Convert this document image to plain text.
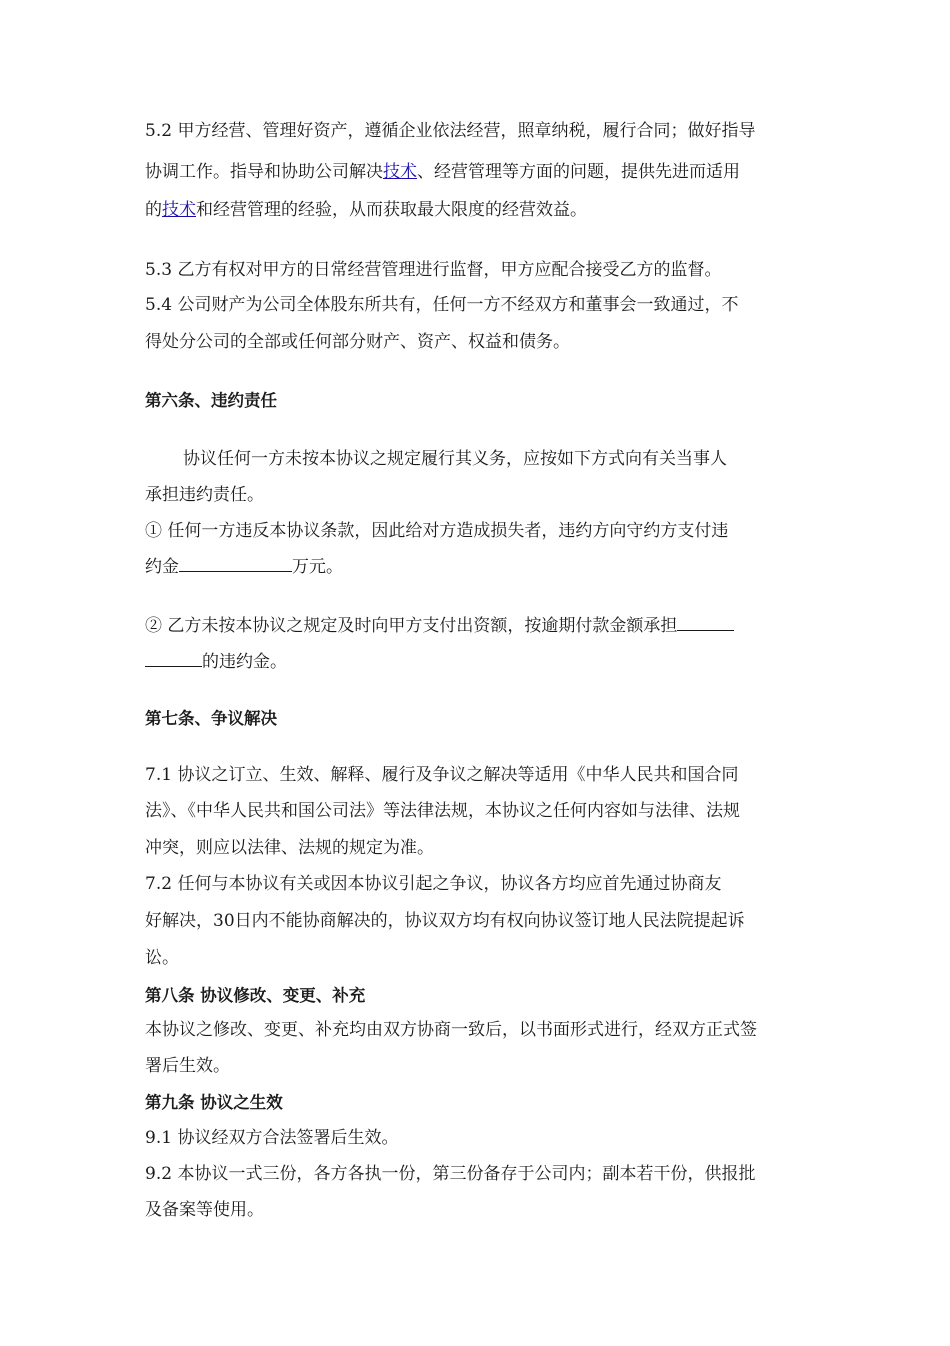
5.2 甲方经营、管理好资产，遵循企业依法经营，照章纳税，履行合同；做好指导

协调工作。指导和协助公司解决技术、经营管理等方面的问题，提供先进而适用

的技术和经营管理的经验，从而获取最大限度的经营效益。

5.3 乙方有权对甲方的日常经营管理进行监督，甲方应配合接受乙方的监督。

5.4 公司财产为公司全体股东所共有，任何一方不经双方和董事会一致通过，不

得处分公司的全部或任何部分财产、资产、权益和债务。

第六条、违约责任

协议任何一方未按本协议之规定履行其义务，应按如下方式向有关当事人

承担违约责任。

① 任何一方违反本协议条款，因此给对方造成损失者，违约方向守约方支付违

约金	万元。

② 乙方未按本协议之规定及时向甲方支付出资额，按逾期付款金额承担

的违约金。

第七条、争议解决

7.1 协议之订立、生效、解释、履行及争议之解决等适用《中华人民共和国合同

法》、《中华人民共和国公司法》等法律法规，本协议之任何内容如与法律、法规

冲突，则应以法律、法规的规定为准。

7.2 任何与本协议有关或因本协议引起之争议，协议各方均应首先通过协商友

好解决，30日内不能协商解决的，协议双方均有权向协议签订地人民法院提起诉

讼。

第八条 协议修改、变更、补充

本协议之修改、变更、补充均由双方协商一致后，以书面形式进行，经双方正式签

署后生效。

第九条 协议之生效

9.1 协议经双方合法签署后生效。

9.2 本协议一式三份，各方各执一份，第三份备存于公司内；副本若干份，供报批

及备案等使用。
